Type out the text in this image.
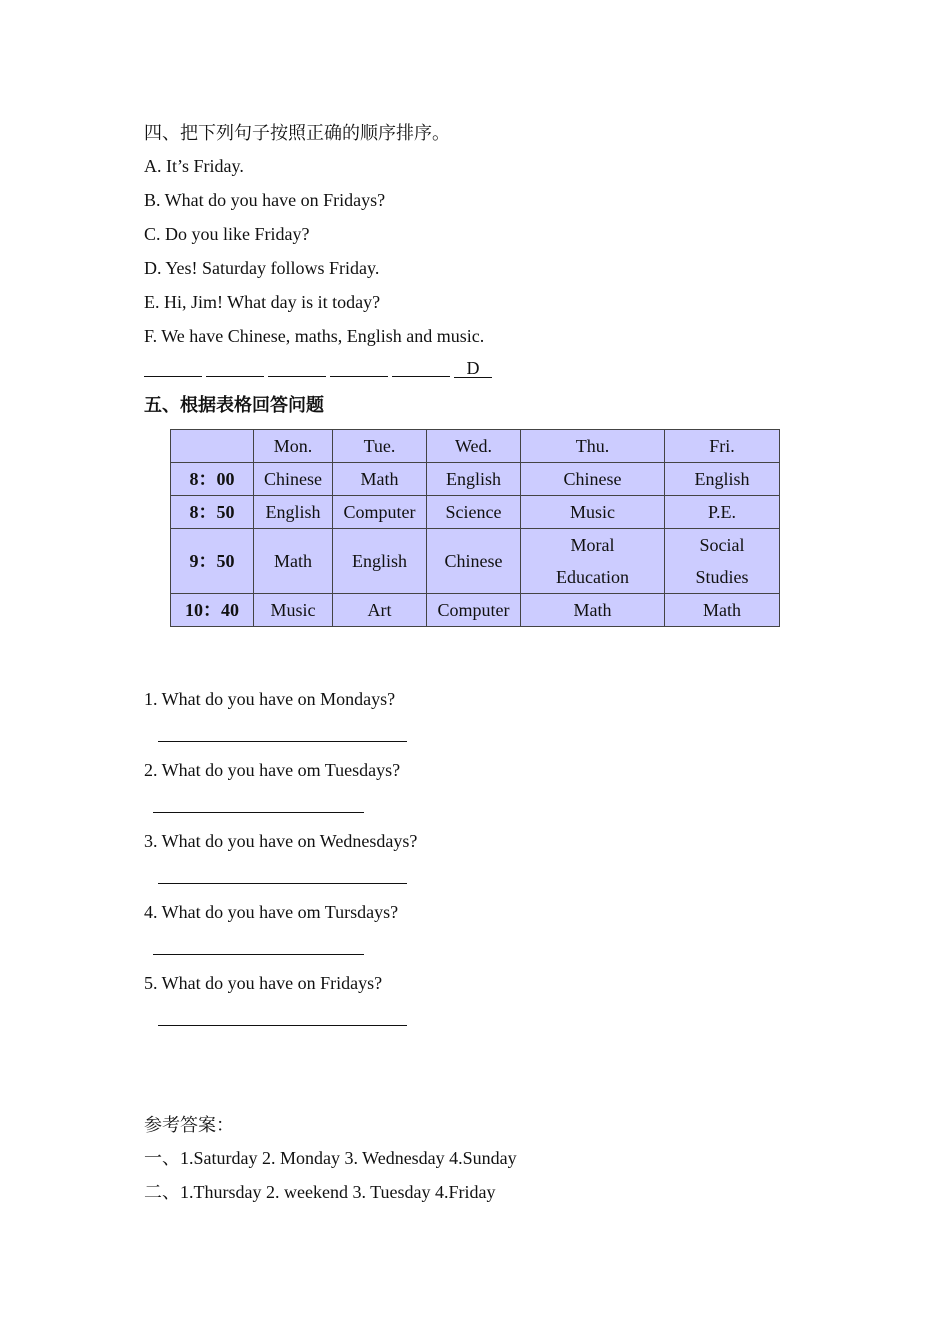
四、把下列句子按照正确的顺序排序。
A. It’s Friday.
B. What do you have on Fridays?
C. Do you like Friday?
D. Yes! Saturday follows Friday.
E. Hi, Jim! What day is it today?
F. We have Chinese, maths, English and music.
D
五、根据表格回答问题
	Mon.	Tue.	Wed.	Thu.	Fri.
8：00	Chinese	Math	English	Chinese	English
8：50	English	Computer	Science	Music	P.E.
9：50	Math	English	Chinese	Moral Education	Social Studies

10：40	Music	Art	Computer	Math	Math
1. What do you have on Mondays?
2. What do you have om Tuesdays?
3. What do you have on Wednesdays?
4. What do you have om Tursdays?
5. What do you have on Fridays?
参考答案：
一、1.Saturday 2. Monday 3. Wednesday 4.Sunday
二、1.Thursday 2. weekend 3. Tuesday 4.Friday
